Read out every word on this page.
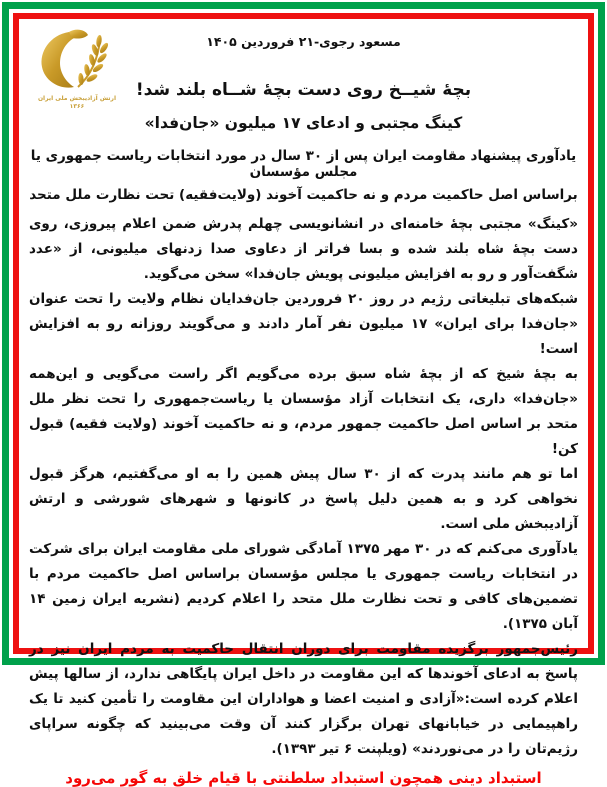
ارتش آزادیبخش ملی ایران
۱۳۶۶
مسعود رجوی-۲۱ فروردین ۱۴۰۵
بچهٔ شیــخ روی دست بچهٔ شــاه بلند شد!
کینگ مجتبی و ادعای ۱۷ میلیون «جان‌فدا»
یادآوری پیشنهاد مقاومت ایران پس از ۳۰ سال در مورد انتخابات ریاست جمهوری یا مجلس مؤسسان
براساس اصل حاکمیت مردم و نه حاکمیت آخوند (ولایت‌فقیه) تحت نظارت ملل متحد

«کینگ» مجتبی بچهٔ خامنه‌ای در انشانویسی چهلم پدرش ضمن اعلام پیروزی، روی دست بچهٔ شاه بلند شده و بسا فراتر از دعاوی صدا زدنهای میلیونی، از «عدد شگفت‌آور و رو به افزایش میلیونی پویش جان‌فدا» سخن می‌گوید.

شبکه‌های تبلیغاتی رژیم در روز ۲۰ فروردین جان‌فدایان نظام ولایت را تحت عنوان «جان‌فدا برای ایران» ۱۷ میلیون نفر آمار دادند و می‌گویند روزانه رو به افزایش است!

به بچهٔ شیخ که از بچهٔ شاه سبق برده می‌گویم اگر راست می‌گویی و این‌همه «جان‌فدا» داری، یک انتخابات آزاد مؤسسان یا ریاست‌جمهوری را تحت نظر ملل متحد بر اساس اصل حاکمیت جمهور مردم، و نه حاکمیت آخوند (ولایت فقیه) قبول کن!

اما تو هم مانند پدرت که از ۳۰ سال پیش همین را به او می‌گفتیم، هرگز قبول نخواهی کرد و به همین دلیل پاسخ در کانونها و شهرهای شورشی و ارتش آزادیبخش ملی است.

یادآوری می‌کنم که در ۳۰ مهر ۱۳۷۵ آمادگی شورای ملی مقاومت ایران برای شرکت در انتخابات ریاست جمهوری یا مجلس مؤسسان براساس اصل حاکمیت مردم با تضمین‌های کافی و تحت نظارت ملل متحد را اعلام کردیم (نشریه ایران زمین ۱۴ آبان ۱۳۷۵).

رئیس‌جمهور برگزیده مقاومت برای دوران انتقال حاکمیت به مردم ایران نیز در پاسخ به ادعای آخوندها که این مقاومت در داخل ایران پایگاهی ندارد، از سالها پیش اعلام کرده است:«آزادی و امنیت اعضا و هواداران این مقاومت را تأمین کنید تا یک راهپیمایی در خیابانهای تهران برگزار کنند آن وقت می‌بینید که چگونه سراپای رژیم‌تان را در می‌نوردند» (ویلپنت ۶ تیر ۱۳۹۳).

استبداد دینی همچون استبداد سلطنتی با قیام خلق به گور می‌رود
